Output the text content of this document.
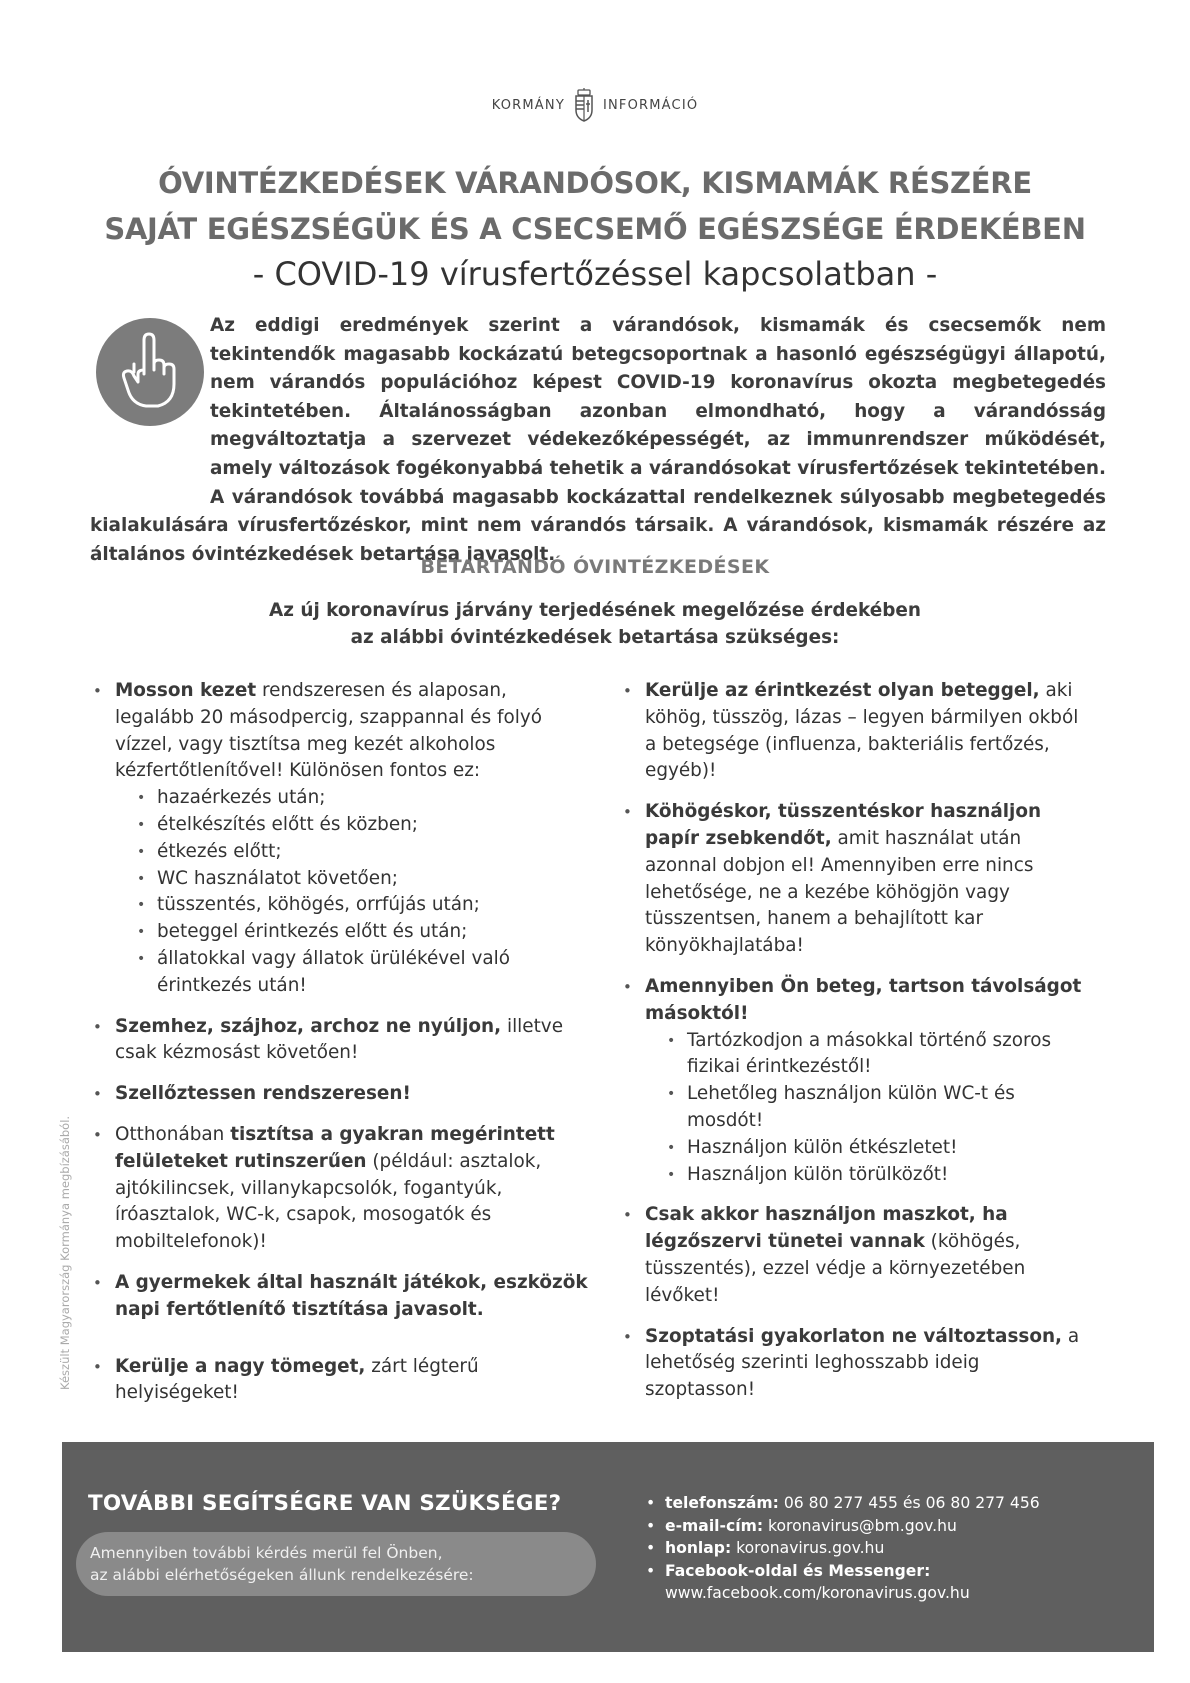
KORMÁNY	INFORMÁCIÓ
ÓVINTÉZKEDÉSEK VÁRANDÓSOK, KISMAMÁK RÉSZÉRE
SAJÁT EGÉSZSÉGÜK ÉS A CSECSEMŐ EGÉSZSÉGE ÉRDEKÉBEN
- COVID-19 vírusfertőzéssel kapcsolatban -
Az eddigi eredmények szerint a várandósok, kismamák és csecsemők nem tekintendők magasabb kockázatú betegcsoportnak a hasonló egészségügyi állapotú, nem várandós populációhoz képest COVID-19 koronavírus okozta megbetegedés tekintetében. Általánosságban azonban elmondható, hogy a várandósság megváltoztatja a szervezet védekezőképességét, az immunrendszer működését, amely változások fogékonyabbá tehetik a várandósokat vírusfertőzések tekintetében. A várandósok továbbá magasabb kockázattal rendelkeznek súlyosabb megbetegedés kialakulására vírusfertőzéskor, mint nem várandós társaik. A várandósok, kismamák részére az általános óvintézkedések betartása javasolt.
BETARTANDÓ ÓVINTÉZKEDÉSEK
Az új koronavírus járvány terjedésének megelőzése érdekében
az alábbi óvintézkedések betartása szükséges:
• Mosson kezet rendszeresen és alaposan, legalább 20 másodpercig, szappannal és folyó vízzel, vagy tisztítsa meg kezét alkoholos kézfertőtlenítővel! Különösen fontos ez:
• hazaérkezés után;
• ételkészítés előtt és közben;
• étkezés előtt;
• WC használatot követően;
• tüsszentés, köhögés, orrfújás után;
• beteggel érintkezés előtt és után;
• állatokkal vagy állatok ürülékével való érintkezés után!
• Szemhez, szájhoz, archoz ne nyúljon, illetve csak kézmosást követően!
• Szellőztessen rendszeresen!
• Otthonában tisztítsa a gyakran megérintett felületeket rutinszerűen (például: asztalok, ajtókilincsek, villanykapcsolók, fogantyúk, íróasztalok, WC-k, csapok, mosogatók és mobiltelefonok)!
• A gyermekek által használt játékok, eszközök napi fertőtlenítő tisztítása javasolt.
• Kerülje a nagy tömeget, zárt légterű helyiségeket!
• Kerülje az érintkezést olyan beteggel, aki köhög, tüsszög, lázas – legyen bármilyen okból a betegsége (influenza, bakteriális fertőzés, egyéb)!
• Köhögéskor, tüsszentéskor használjon papír zsebkendőt, amit használat után azonnal dobjon el! Amennyiben erre nincs lehetősége, ne a kezébe köhögjön vagy tüsszentsen, hanem a behajlított kar könyökhajlatába!
• Amennyiben Ön beteg, tartson távolságot másoktól!
• Tartózkodjon a másokkal történő szoros fizikai érintkezéstől!
• Lehetőleg használjon külön WC-t és mosdót!
• Használjon külön étkészletet!
• Használjon külön törülközőt!
• Csak akkor használjon maszkot, ha légzőszervi tünetei vannak (köhögés, tüsszentés), ezzel védje a környezetében lévőket!
• Szoptatási gyakorlaton ne változtasson, a lehetőség szerinti leghosszabb ideig szoptasson!
Készült Magyarország Kormánya megbízásából.
TOVÁBBI SEGÍTSÉGRE VAN SZÜKSÉGE?
Amennyiben további kérdés merül fel Önben,
az alábbi elérhetőségeken állunk rendelkezésére:
• telefonszám: 06 80 277 455 és 06 80 277 456
• e-mail-cím: koronavirus@bm.gov.hu
• honlap: koronavirus.gov.hu
• Facebook-oldal és Messenger:
www.facebook.com/koronavirus.gov.hu
